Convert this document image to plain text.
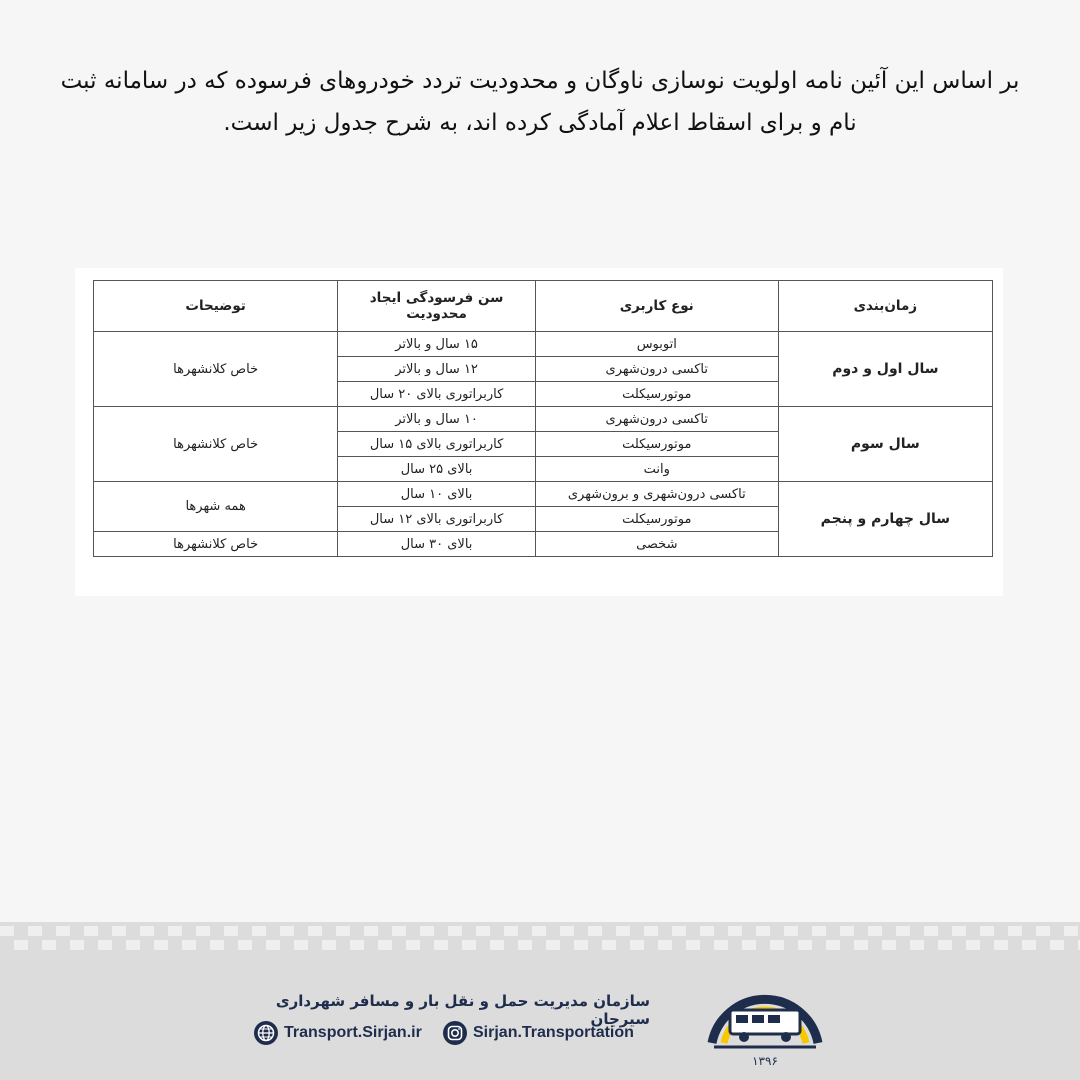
بر اساس این آئین نامه اولویت نوسازی ناوگان و محدودیت تردد خودروهای فرسوده که در سامانه ثبت نام و برای اسقاط اعلام آمادگی کرده اند، به شرح جدول زیر است.
زمان‌بندی	نوع کاربری	سن فرسودگی ایجاد محدودیت	توضیحات
سال اول و دوم	اتوبوس	۱۵ سال و بالاتر	خاص کلانشهرها
	تاکسی درون‌شهری	۱۲ سال و بالاتر	
	موتورسیکلت	کاربراتوری بالای ۲۰ سال	
سال سوم	تاکسی درون‌شهری	۱۰ سال و بالاتر	خاص کلانشهرها
	موتورسیکلت	کاربراتوری بالای ۱۵ سال	
	وانت	بالای ۲۵ سال	
سال چهارم و پنجم	تاکسی درون‌شهری و برون‌شهری	بالای ۱۰ سال	همه شهرها
	موتورسیکلت	کاربراتوری بالای ۱۲ سال	
	شخصی	بالای ۳۰ سال	خاص کلانشهرها
۱۳۹۶
سازمان مدیریت حمل و نقل بار و مسافر شهرداری سیرجان
Transport.Sirjan.ir	Sirjan.Transportation
